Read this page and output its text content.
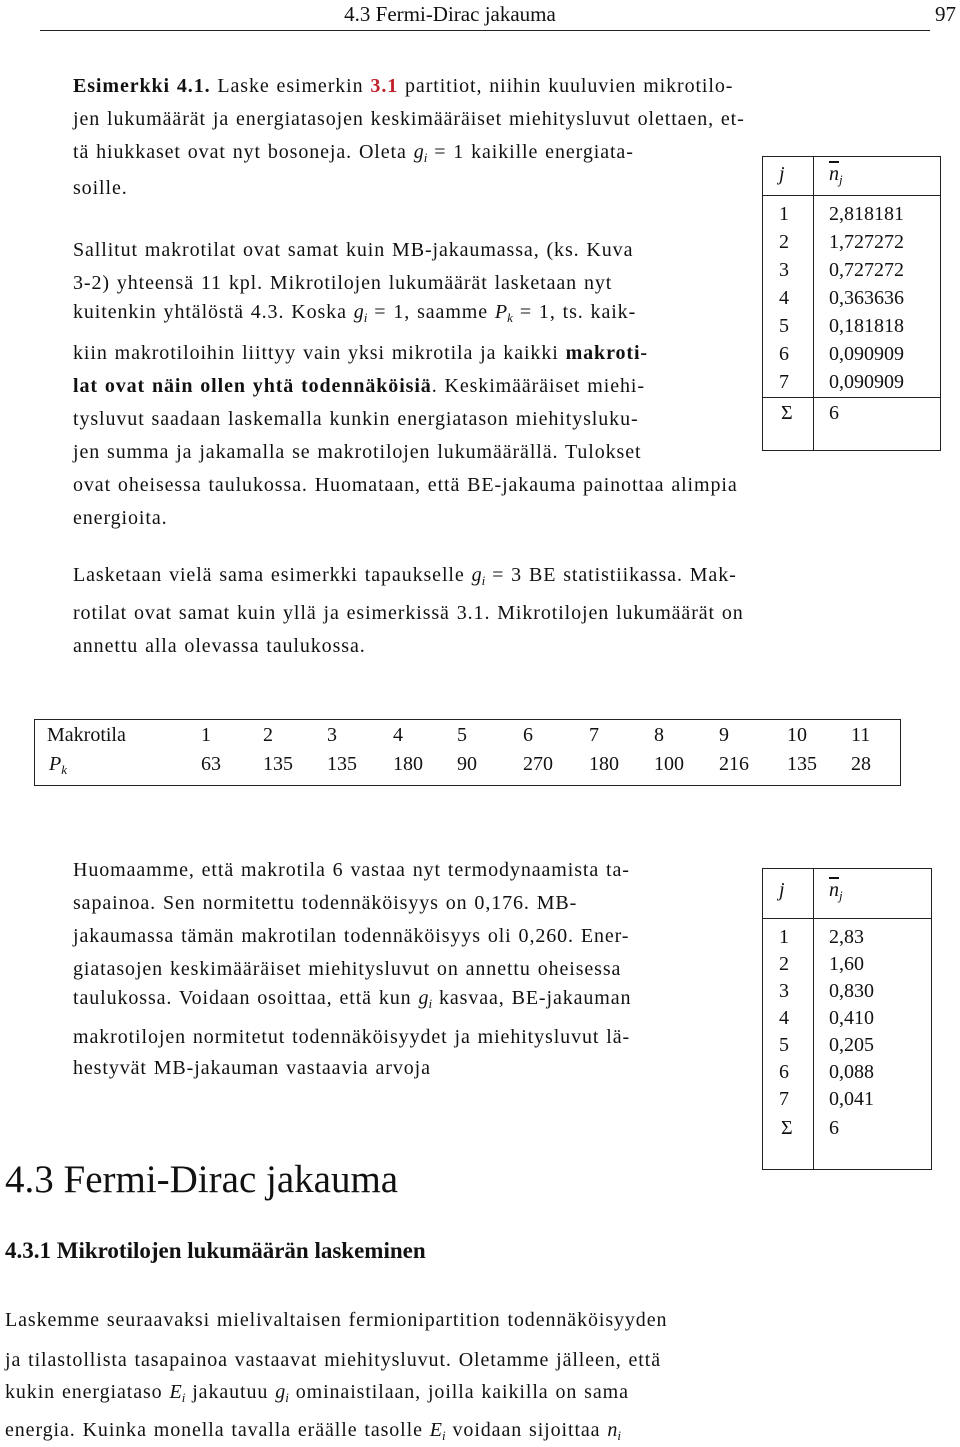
4.3 Fermi-Dirac jakauma	97
Esimerkki 4.1. Laske esimerkin 3.1 partitiot, niihin kuuluvien mikrotilo-
jen lukumäärät ja energiatasojen keskimääräiset miehitysluvut olettaen, et-
tä hiukkaset ovat nyt bosoneja. Oleta $g_i = 1$ kaikille energiata-
soille.
Sallitut makrotilat ovat samat kuin MB-jakaumassa, (ks. Kuva
3-2) yhteensä 11 kpl. Mikrotilojen lukumäärät lasketaan nyt
kuitenkin yhtälöstä 4.3. Koska $g_i = 1$, saamme $P_k = 1$, ts. kaik-
kiin makrotiloihin liittyy vain yksi mikrotila ja kaikki makroti-
lat ovat näin ollen yhtä todennäköisiä. Keskimääräiset miehi-
tysluvut saadaan laskemalla kunkin energiatason miehitysluku-
jen summa ja jakamalla se makrotilojen lukumäärällä. Tulokset
ovat oheisessa taulukossa. Huomataan, että BE-jakauma painottaa alimpia
energioita.
j $\overline{n}_j$
1 2,818181
2 1,727272
3 0,727272
4 0,363636
5 0,181818
6 0,090909
7 0,090909
Σ 6
Lasketaan vielä sama esimerkki tapaukselle $g_i = 3$ BE statistiikassa. Mak-
rotilat ovat samat kuin yllä ja esimerkissä 3.1. Mikrotilojen lukumäärät on
annettu alla olevassa taulukossa.
Makrotila
$P_k$
1
63
2
135
3
135
4
180
5
90
6
270
7
180
8
100
9
216
10
135
11
28
Huomaamme, että makrotila 6 vastaa nyt termodynaamista ta-
sapainoa. Sen normitettu todennäköisyys on 0,176. MB-
jakaumassa tämän makrotilan todennäköisyys oli 0,260. Ener-
giatasojen keskimääräiset miehitysluvut on annettu oheisessa
taulukossa. Voidaan osoittaa, että kun $g_i$ kasvaa, BE-jakauman
makrotilojen normitetut todennäköisyydet ja miehitysluvut lä-
hestyvät MB-jakauman vastaavia arvoja
j $\overline{n}_j$
1 2,83
2 1,60
3 0,830
4 0,410
5 0,205
6 0,088
7 0,041
Σ 6
4.3 Fermi-Dirac jakauma
4.3.1 Mikrotilojen lukumäärän laskeminen
Laskemme seuraavaksi mielivaltaisen fermionipartition todennäköisyyden
ja tilastollista tasapainoa vastaavat miehitysluvut. Oletamme jälleen, että
kukin energiataso $E_i$ jakautuu $g_i$ ominaistilaan, joilla kaikilla on sama
energia. Kuinka monella tavalla eräälle tasolle $E_i$ voidaan sijoittaa $n_i$
